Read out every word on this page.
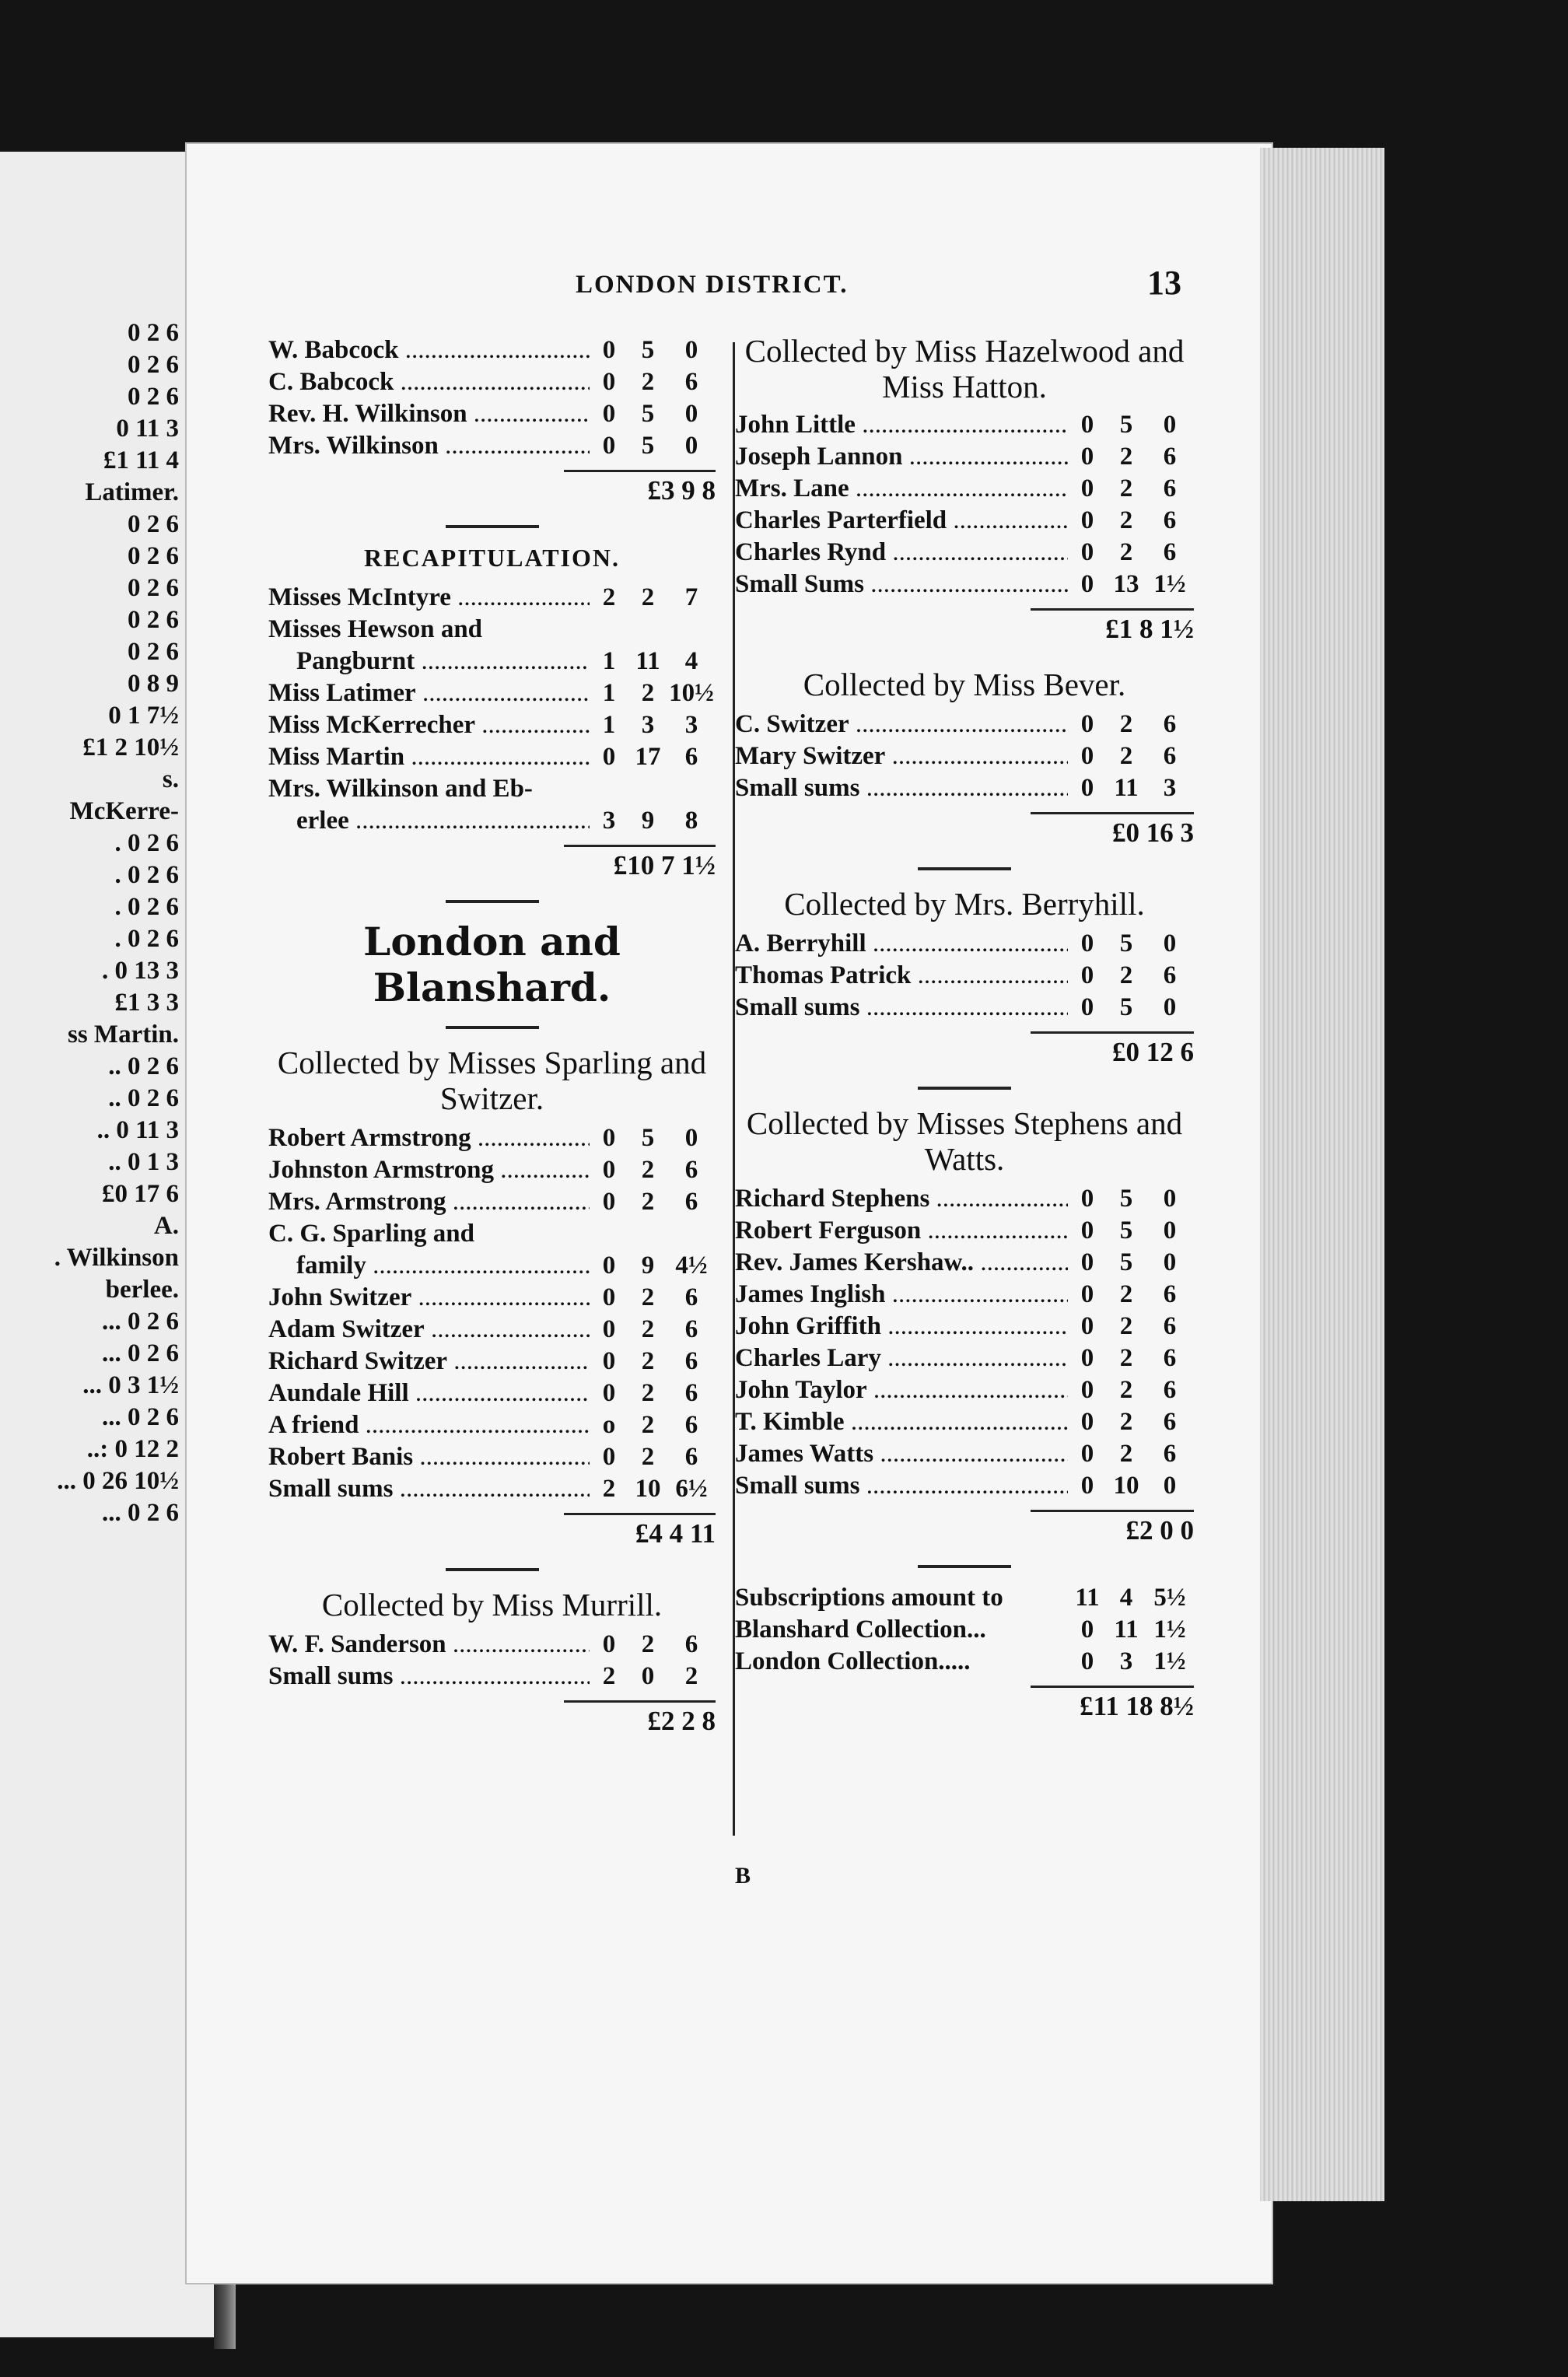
0 2 6
0 2 6
0 2 6
0 11 3
£1 11 4
Latimer.
0 2 6
0 2 6
0 2 6
0 2 6
0 2 6
0 8 9
0 1 7½
£1 2 10½
s.
McKerre-
. 0 2 6
. 0 2 6
. 0 2 6
. 0 2 6
. 0 13 3
£1 3 3
ss Martin.
.. 0 2 6
.. 0 2 6
.. 0 11 3
.. 0 1 3
£0 17 6
A.
. Wilkinson
berlee.
... 0 2 6
... 0 2 6
... 0 3 1½
... 0 2 6
..: 0 12 2
... 0 26 10½
... 0 2 6
LONDON DISTRICT.	13
B
W. Babcock .....	0	5	0
C. Babcock .....	0	2	6
Rev. H. Wilkinson .....	0	5	0
Mrs. Wilkinson .....	0	5	0
£3 9 8
RECAPITULATION.
Misses McIntyre .....	2	2	7
Misses Hewson and
Pangburnt .....	1 11 4
Miss Latimer .....	1	2 10½
Miss McKerrecher .....	1	3	3
Miss Martin .....	0 17 6
Mrs. Wilkinson and Eb-
erlee .....	3	9	8
£10 7 1½
London and Blanshard.
Collected by Misses Sparling and Switzer.
Robert Armstrong .....	0	5	0
Johnston Armstrong .....	0	2	6
Mrs. Armstrong .....	0	2	6
C. G. Sparling and
family .....	0	9 4½
John Switzer .....	0	2	6
Adam Switzer .....	0	2	6
Richard Switzer .....	0	2	6
Aundale Hill .....	0	2	6
A friend .....	o	2	6
Robert Banis .....	0	2	6
Small sums .....	2 10 6½
£4 4 11
Collected by Miss Murrill.
W. F. Sanderson .....	0	2	6
Small sums .....	2	0	2
£2 2 8
Collected by Miss Hazelwood and Miss Hatton.
John Little .....	0	5	0
Joseph Lannon .....	0	2	6
Mrs. Lane .....	0	2	6
Charles Parterfield .....	0	2	6
Charles Rynd .....	0	2	6
Small Sums .....	0 13 1½
£1 8 1½
Collected by Miss Bever.
C. Switzer .....	0	2	6
Mary Switzer .....	0	2	6
Small sums .....	0 11 3
£0 16 3
Collected by Mrs. Berryhill.
A. Berryhill .....	0	5	0
Thomas Patrick .....	0	2	6
Small sums .....	0	5	0
£0 12 6
Collected by Misses Stephens and Watts.
Richard Stephens .....	0	5	0
Robert Ferguson .....	0	5	0
Rev. James Kershaw.. .....	0	5	0
James Inglish .....	0	2	6
John Griffith .....	0	2	6
Charles Lary .....	0	2	6
John Taylor .....	0	2	6
T. Kimble .....	0	2	6
James Watts .....	0	2	6
Small sums .....	0 10 0
£2 0 0
Subscriptions amount to	11 4 5½
Blanshard Collection...	0 11 1½
London Collection.....	0	3 1½
£11 18 8½
